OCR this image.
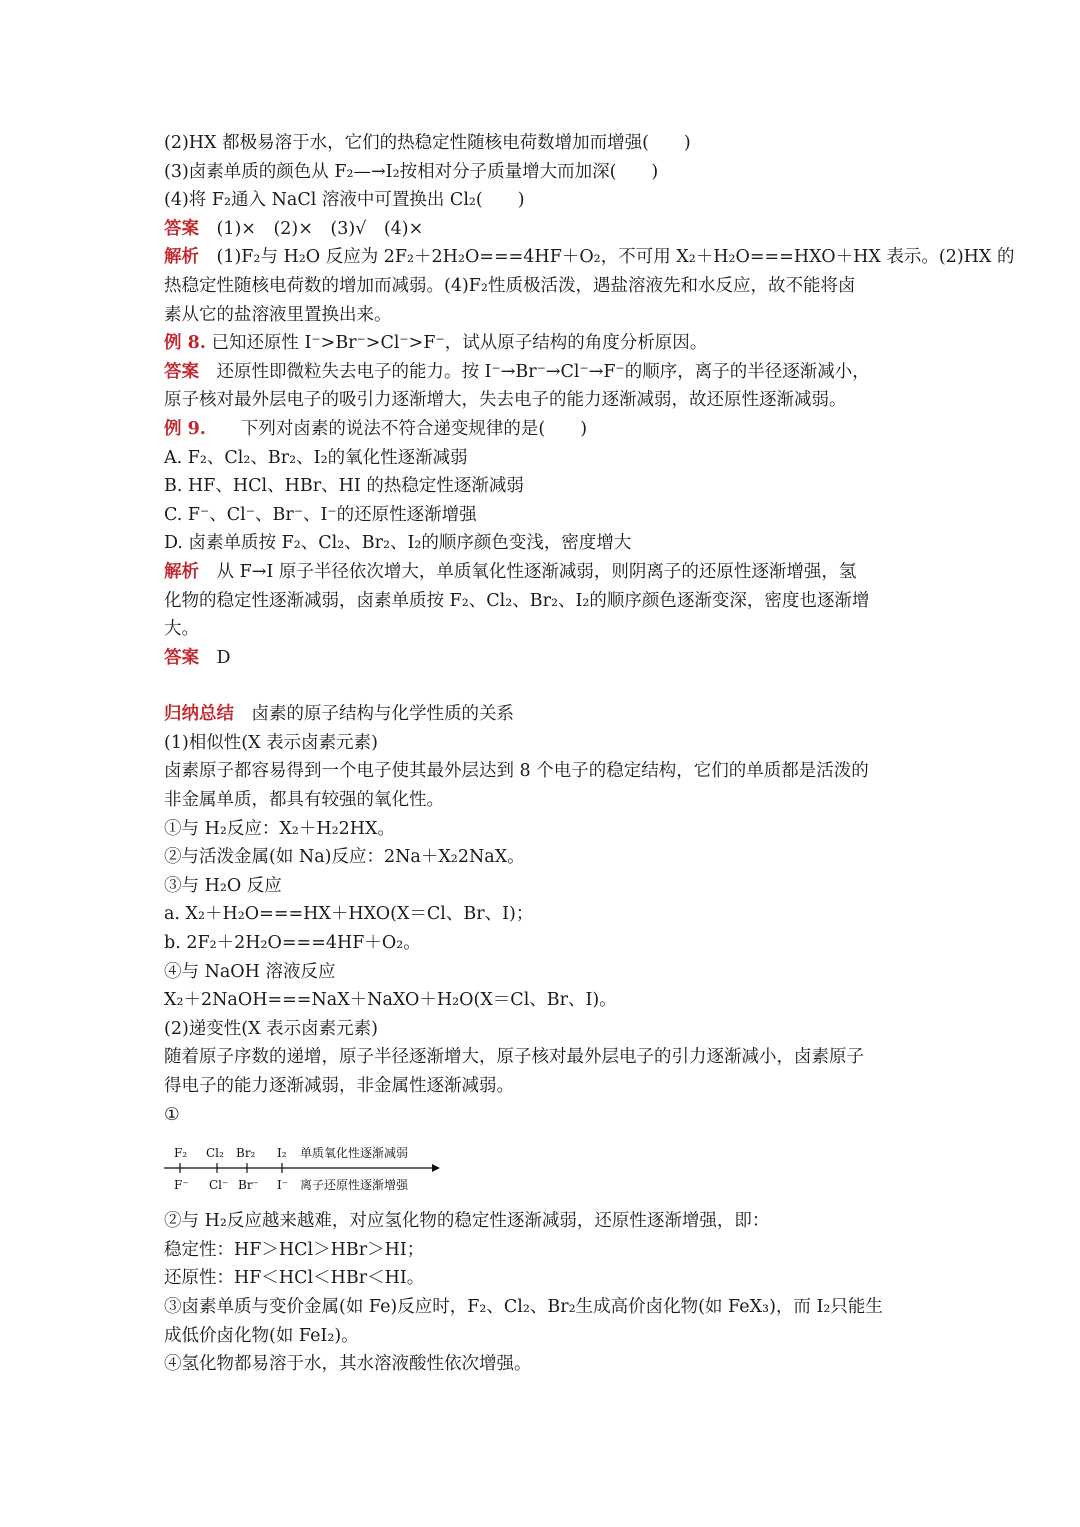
(2)HX 都极易溶于水，它们的热稳定性随核电荷数增加而增强(　　)
(3)卤素单质的颜色从 F₂—→I₂按相对分子质量增大而加深(　　)
(4)将 F₂通入 NaCl 溶液中可置换出 Cl₂(　　)
答案　(1)×　(2)×　(3)√　(4)×
解析　(1)F₂与 H₂O 反应为 2F₂＋2H₂O===4HF＋O₂，不可用 X₂＋H₂O===HXO＋HX 表示。(2)HX 的
热稳定性随核电荷数的增加而减弱。(4)F₂性质极活泼，遇盐溶液先和水反应，故不能将卤
素从它的盐溶液里置换出来。
例 8. 已知还原性 I⁻>Br⁻>Cl⁻>F⁻，试从原子结构的角度分析原因。
答案　还原性即微粒失去电子的能力。按 I⁻→Br⁻→Cl⁻→F⁻的顺序，离子的半径逐渐减小，
原子核对最外层电子的吸引力逐渐增大，失去电子的能力逐渐减弱，故还原性逐渐减弱。
例 9.　　下列对卤素的说法不符合递变规律的是(　　)
A. F₂、Cl₂、Br₂、I₂的氧化性逐渐减弱
B. HF、HCl、HBr、HI 的热稳定性逐渐减弱
C. F⁻、Cl⁻、Br⁻、I⁻的还原性逐渐增强
D. 卤素单质按 F₂、Cl₂、Br₂、I₂的顺序颜色变浅，密度增大
解析　从 F→I 原子半径依次增大，单质氧化性逐渐减弱，则阴离子的还原性逐渐增强，氢
化物的稳定性逐渐减弱，卤素单质按 F₂、Cl₂、Br₂、I₂的顺序颜色逐渐变深，密度也逐渐增
大。
答案　D
归纳总结　卤素的原子结构与化学性质的关系
(1)相似性(X 表示卤素元素)
卤素原子都容易得到一个电子使其最外层达到 8 个电子的稳定结构，它们的单质都是活泼的
非金属单质，都具有较强的氧化性。
①与 H₂反应：X₂＋H₂2HX。
②与活泼金属(如 Na)反应：2Na＋X₂2NaX。
③与 H₂O 反应
a. X₂＋H₂O===HX＋HXO(X＝Cl、Br、I)；
b. 2F₂＋2H₂O===4HF＋O₂。
④与 NaOH 溶液反应
X₂＋2NaOH===NaX＋NaXO＋H₂O(X＝Cl、Br、I)。
(2)递变性(X 表示卤素元素)
随着原子序数的递增，原子半径逐渐增大，原子核对最外层电子的引力逐渐减小，卤素原子
得电子的能力逐渐减弱，非金属性逐渐减弱。
①
F₂ Cl₂ Br₂ I₂ 单质氧化性逐渐减弱
F⁻ Cl⁻ Br⁻ I⁻ 离子还原性逐渐增强
②与 H₂反应越来越难，对应氢化物的稳定性逐渐减弱，还原性逐渐增强，即：
稳定性：HF＞HCl＞HBr＞HI；
还原性：HF＜HCl＜HBr＜HI。
③卤素单质与变价金属(如 Fe)反应时，F₂、Cl₂、Br₂生成高价卤化物(如 FeX₃)，而 I₂只能生
成低价卤化物(如 FeI₂)。
④氢化物都易溶于水，其水溶液酸性依次增强。
